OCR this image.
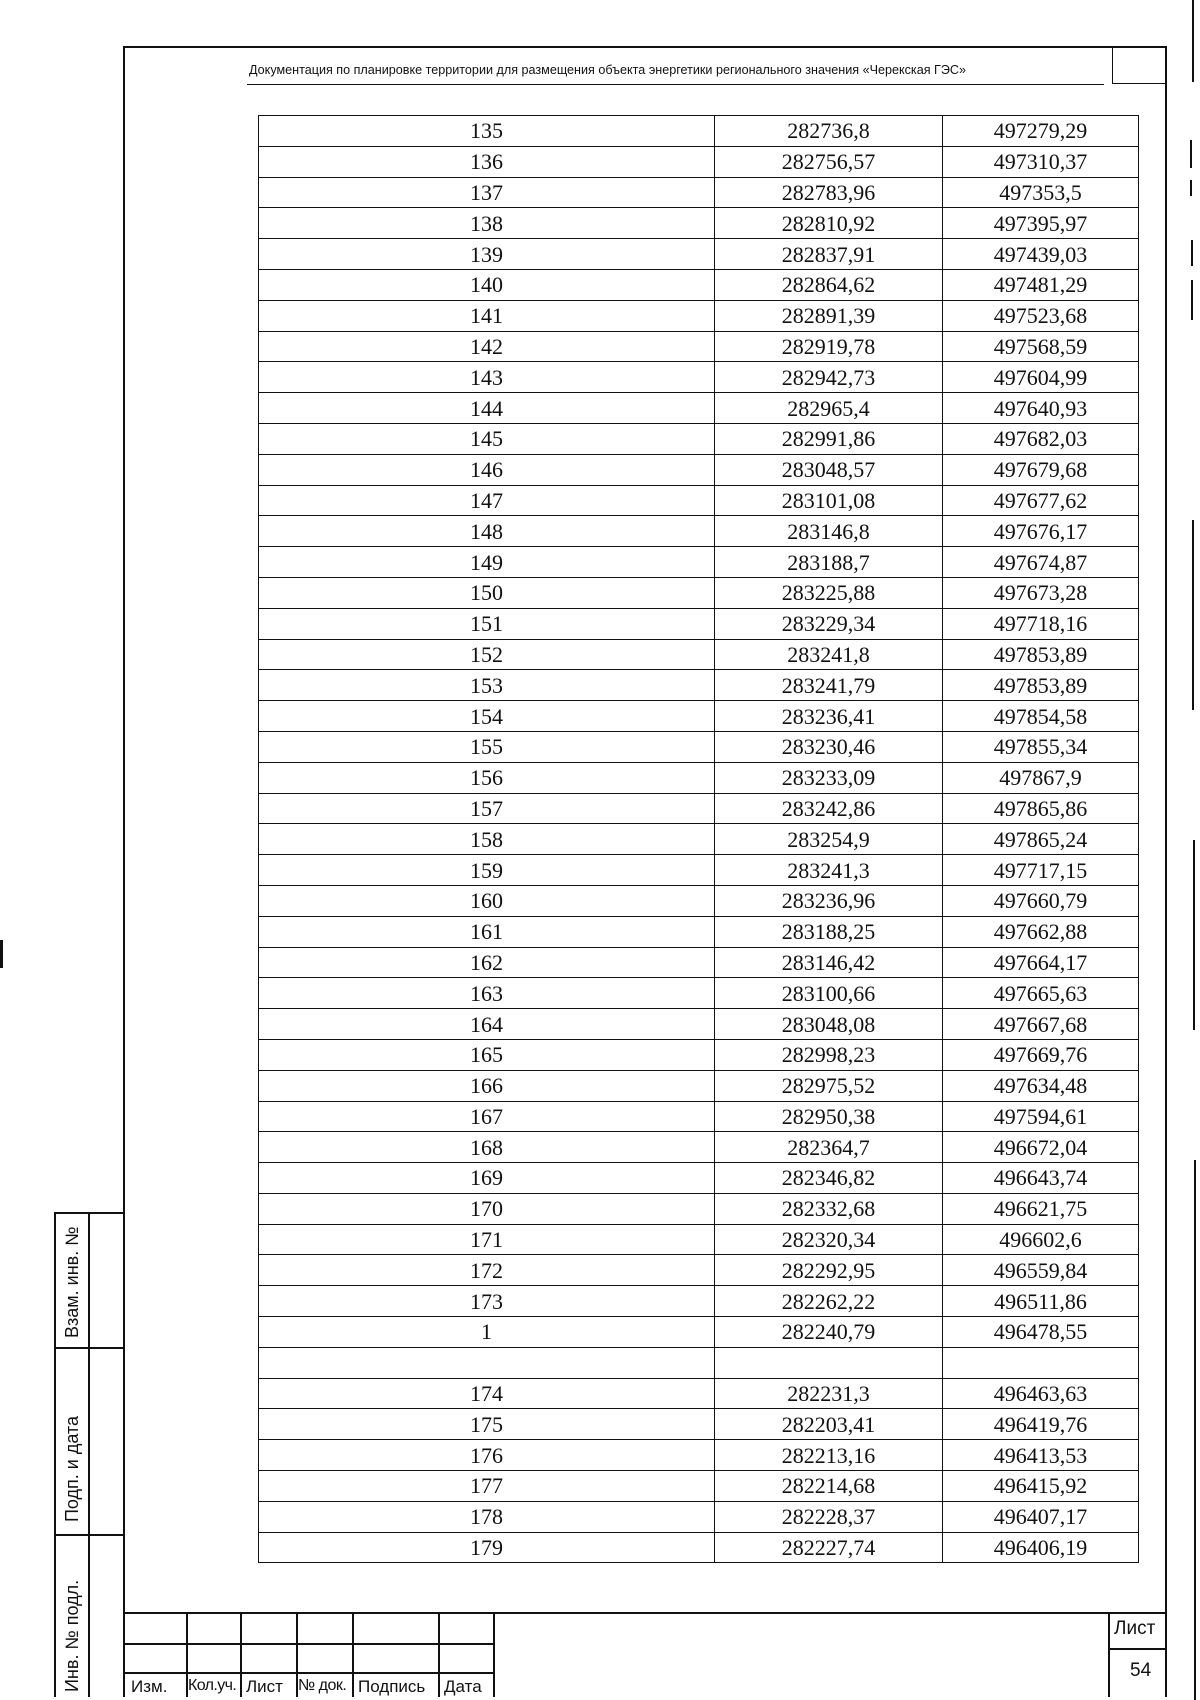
Документация по планировке территории для размещения объекта энергетики регионального значения «Черекская ГЭС»
135	282736,8	497279,29
136	282756,57	497310,37
137	282783,96	497353,5
138	282810,92	497395,97
139	282837,91	497439,03
140	282864,62	497481,29
141	282891,39	497523,68
142	282919,78	497568,59
143	282942,73	497604,99
144	282965,4	497640,93
145	282991,86	497682,03
146	283048,57	497679,68
147	283101,08	497677,62
148	283146,8	497676,17
149	283188,7	497674,87
150	283225,88	497673,28
151	283229,34	497718,16
152	283241,8	497853,89
153	283241,79	497853,89
154	283236,41	497854,58
155	283230,46	497855,34
156	283233,09	497867,9
157	283242,86	497865,86
158	283254,9	497865,24
159	283241,3	497717,15
160	283236,96	497660,79
161	283188,25	497662,88
162	283146,42	497664,17
163	283100,66	497665,63
164	283048,08	497667,68
165	282998,23	497669,76
166	282975,52	497634,48
167	282950,38	497594,61
168	282364,7	496672,04
169	282346,82	496643,74
170	282332,68	496621,75
171	282320,34	496602,6
172	282292,95	496559,84
173	282262,22	496511,86
1	282240,79	496478,55

174	282231,3	496463,63
175	282203,41	496419,76
176	282213,16	496413,53
177	282214,68	496415,92
178	282228,37	496407,17
179	282227,74	496406,19
Взам. инв. №
Подп. и дата
Инв. № подл.	Изм. Кол.уч. Лист № док. Подпись Дата
Лист
54
